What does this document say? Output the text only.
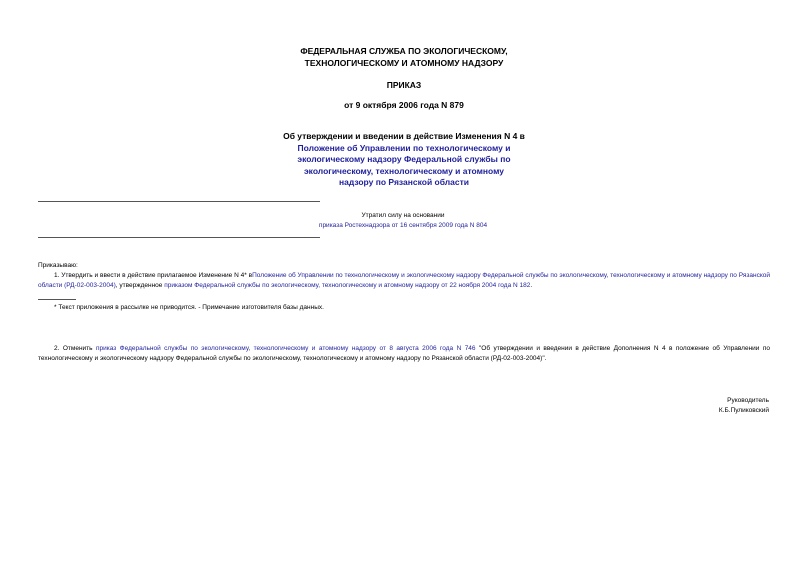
ФЕДЕРАЛЬНАЯ СЛУЖБА ПО ЭКОЛОГИЧЕСКОМУ,
ТЕХНОЛОГИЧЕСКОМУ И АТОМНОМУ НАДЗОРУ
ПРИКАЗ
от 9 октября 2006 года N 879
Об утверждении и введении в действие Изменения N 4 в
Положение об Управлении по технологическому и
экологическому надзору Федеральной службы по
экологическому, технологическому и атомному
надзору по Рязанской области
Утратил силу на основании
приказа Ростехнадзора от 16 сентября 2009 года N 804
Приказываю:
1. Утвердить и ввести в действие прилагаемое Изменение N 4* вПоложение об Управлении по технологическому и экологическому надзору Федеральной службы по экологическому, технологическому и атомному надзору по Рязанской области (РД-02-003-2004), утвержденное приказом Федеральной службы по экологическому, технологическому и атомному надзору от 22 ноября 2004 года N 182.
* Текст приложения в рассылке не приводится. - Примечание изготовителя базы данных.
2. Отменить приказ Федеральной службы по экологическому, технологическому и атомному надзору от 8 августа 2006 года N 746 "Об утверждении и введении в действие Дополнения N 4 в положение об Управлении по технологическому и экологическому надзору Федеральной службы по экологическому, технологическому и атомному надзору по Рязанской области (РД-02-003-2004)".
Руководитель
К.Б.Пуликовский
